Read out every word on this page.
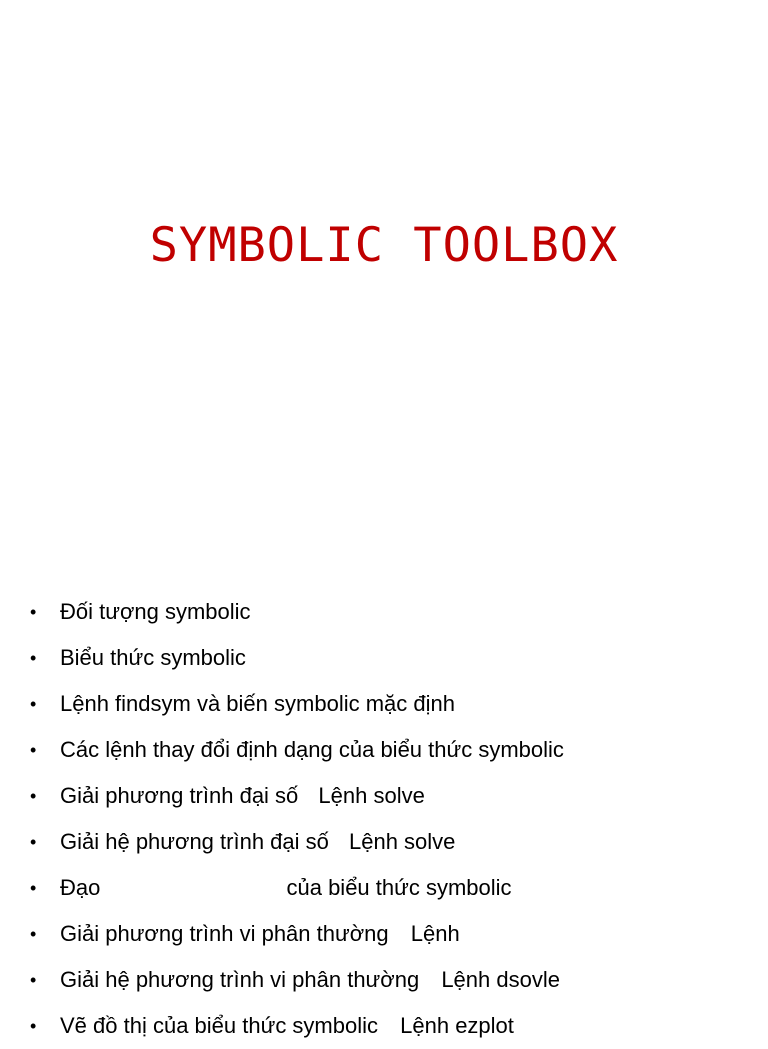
SYMBOLIC TOOLBOX
• Đối tượng symbolic
• Biểu thức symbolic
• Lệnh findsym và biến symbolic mặc định
• Các lệnh thay đổi định dạng của biểu thức symbolic
• Giải phương trình đại số Lệnh solve
• Giải hệ phương trình đại số Lệnh solve
• Đạo	của biểu thức symbolic
• Giải phương trình vi phân thường Lệnh
• Giải hệ phương trình vi phân thường Lệnh dsovle
• Vẽ đồ thị của biểu thức symbolic Lệnh ezplot
